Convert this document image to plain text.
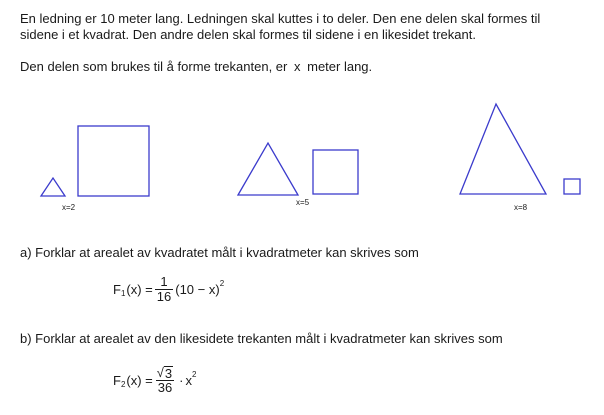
En ledning er 10 meter lang. Ledningen skal kuttes i to deler. Den ene delen skal formes til
sidene i et kvadrat. Den andre delen skal formes til sidene i en likesidet trekant.
Den delen som brukes til å forme trekanten, er x meter lang.
x=2
x=5
x=8
a) Forklar at arealet av kvadratet målt i kvadratmeter kan skrives som
F 1 $(x) = \frac{1}{16} (10 - x)$ 2
b) Forklar at arealet av den likesidete trekanten målt i kvadratmeter kan skrives som
F 2 $(x) = \frac{√ 3}{36} \cdot x$ 2
